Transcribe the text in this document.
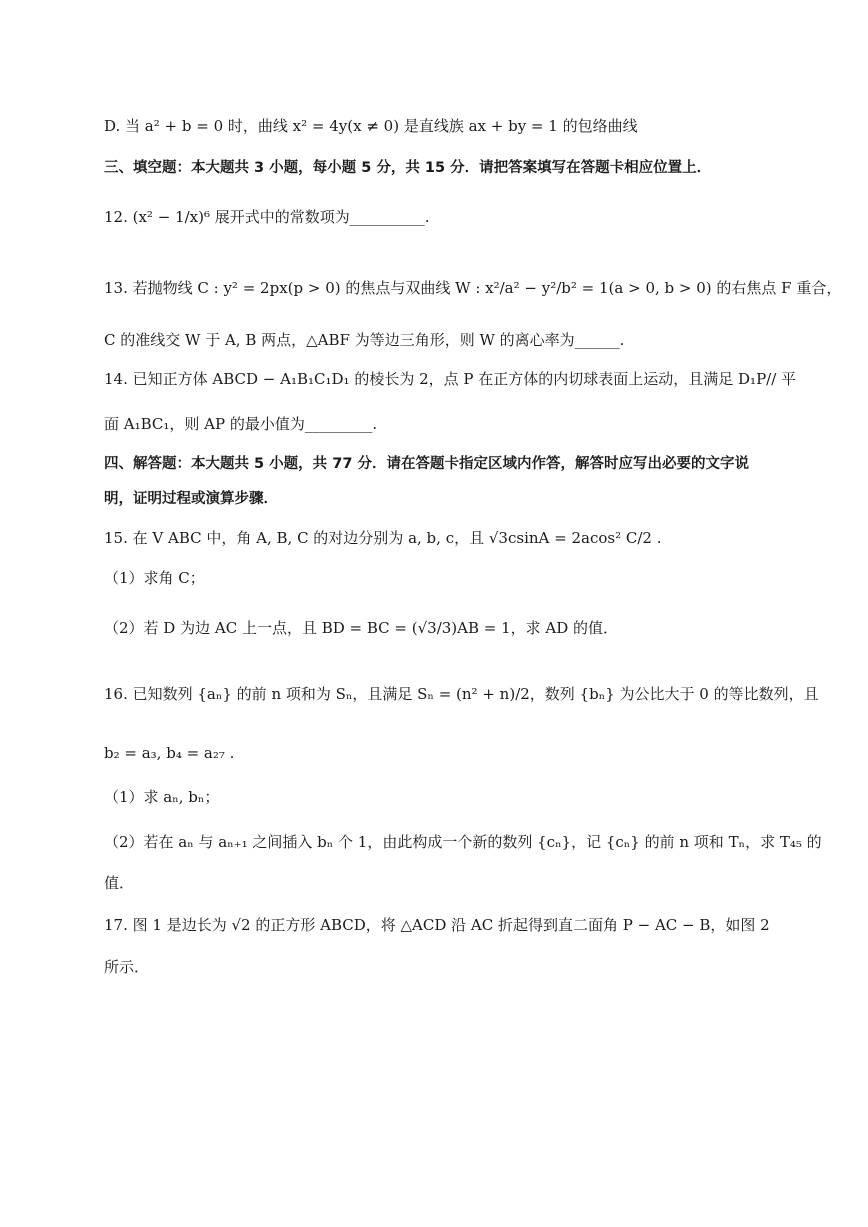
D. 当 a² + b = 0 时，曲线 x² = 4y(x ≠ 0) 是直线族 ax + by = 1 的包络曲线
三、填空题：本大题共 3 小题，每小题 5 分，共 15 分．请把答案填写在答题卡相应位置上．
12. (x² − 1/x)⁶ 展开式中的常数项为__________.
13. 若抛物线 C : y² = 2px(p > 0) 的焦点与双曲线 W : x²/a² − y²/b² = 1(a > 0, b > 0) 的右焦点 F 重合，
C 的准线交 W 于 A, B 两点，△ABF 为等边三角形，则 W 的离心率为______.
14. 已知正方体 ABCD − A₁B₁C₁D₁ 的棱长为 2，点 P 在正方体的内切球表面上运动，且满足 D₁P// 平
面 A₁BC₁，则 AP 的最小值为_________.
四、解答题：本大题共 5 小题，共 77 分．请在答题卡指定区域内作答，解答时应写出必要的文字说
明，证明过程或演算步骤．
15. 在 V ABC 中，角 A, B, C 的对边分别为 a, b, c，且 √3csinA = 2acos² C/2 .
（1）求角 C；
（2）若 D 为边 AC 上一点，且 BD = BC = (√3/3)AB = 1，求 AD 的值．
16. 已知数列 {aₙ} 的前 n 项和为 Sₙ，且满足 Sₙ = (n² + n)/2，数列 {bₙ} 为公比大于 0 的等比数列，且
b₂ = a₃, b₄ = a₂₇ .
（1）求 aₙ, bₙ；
（2）若在 aₙ 与 aₙ₊₁ 之间插入 bₙ 个 1，由此构成一个新的数列 {cₙ}，记 {cₙ} 的前 n 项和 Tₙ，求 T₄₅ 的
值．
17. 图 1 是边长为 √2 的正方形 ABCD，将 △ACD 沿 AC 折起得到直二面角 P − AC − B，如图 2
所示．
